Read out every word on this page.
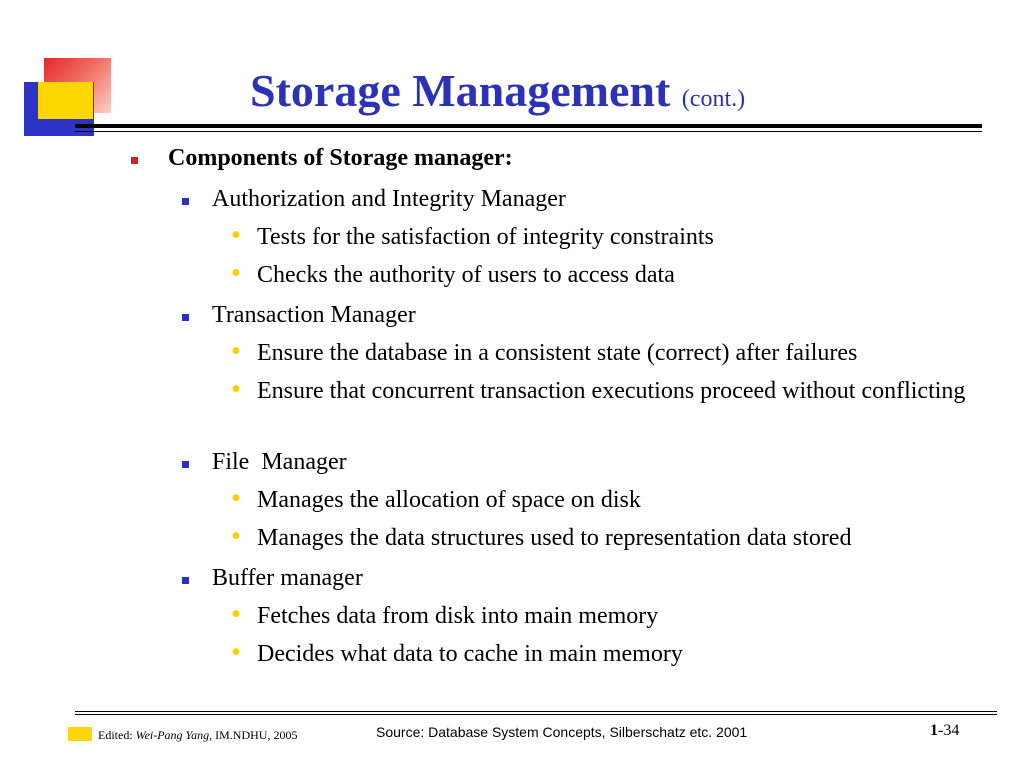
Storage Management (cont.)
Components of Storage manager:
Authorization and Integrity Manager
• Tests for the satisfaction of integrity constraints
• Checks the authority of users to access data
Transaction Manager
• Ensure the database in a consistent state (correct) after failures
• Ensure that concurrent transaction executions proceed without conflicting
File  Manager
• Manages the allocation of space on disk
• Manages the data structures used to representation data stored
Buffer manager
• Fetches data from disk into main memory
• Decides what data to cache in main memory
Edited: Wei-Pang Yang, IM.NDHU, 2005	Source: Database System Concepts, Silberschatz etc. 2001	1-34
